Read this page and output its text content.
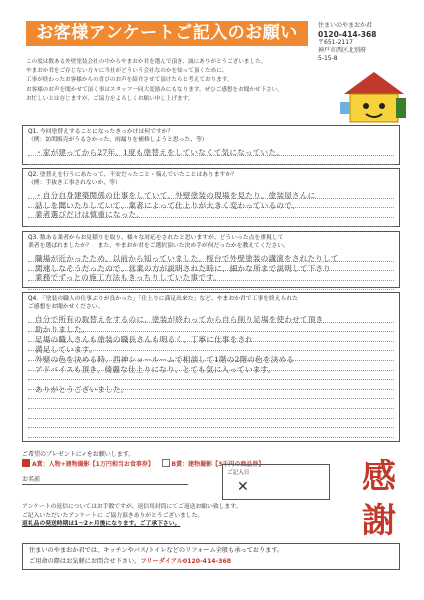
お客様アンケートご記入のお願い	住まいのやまおか君
0120-414-368
〒651-2117
神戸市西区北別府
5-15-8
この度は数ある外壁塗装会社の中からやまおか君を選んで頂き、誠にありがとうございました。
やまおか君をご存じない方々に当社がどういう会社なのかを知って頂くために、
工事が終わったお客様からの喜びのお声を紹介させて頂けたらと考えております。
お客様のお声を聞かせて頂く事はスタッフ一同大変励みにもなります。ぜひご感想をお聞かせ下さい。
お忙しいとは存じますが、ご協力をよろしくお願い申し上げます。
Q1. 今回塗替えすることになったきっかけは何ですか？
（例：訪問販売がうるさかった、雨漏りを補修しようと思った、等）
・家が建ってから27年、1度も塗替えをしていなくて気になっていた。
Q2. 塗替えを行うにあたって、不安だったこと・悩んでいたことはありますか？
（例：手抜き工事されないか、等）
・自分自身建築関係の仕事をしていて、外壁塗装の現場を見たり、塗装屋さんに
話しを聞いたりしていて、業者によって仕上りが大きく変わっているので、
業者選びだけは慎重になった。
Q3. 数ある業者からお見積りを取り、様々な対応をされたと思いますが、どういった点を重視して
業者を選ばれましたか？　また、やまおか君をご選択頂いた決め手が何だったかを教えてください。
職場が近かったため、以前から知っていました。桜台で外壁塗装の講演をされたりして
関連しなそうだったので、営業の方が説明された時に、細かな所まで説明して下さり
業務でずっとの施工方法もきっちりしていた事です。
Q4. 「塗装の職人の仕事ぶりが良かった」「仕上りに満足出来た」など、やまおか君で工事を終えられた
ご感想をお聞かせください。
自分で所有の取替えをするのに、塗装が終わってから自ら削り足場を使わせて頂き
助かりました。
足場の職人さんも塗装の職長さんも明るく、丁寧に仕事をされ
満足しています。
外壁の色を決める時、西神ショールームで相談して1階の2階の色を決める
アドバイスも頂き、綺麗な仕上りになり、とても気に入っています。
ありがとうございました。
ご希望のプレゼントに✓をお願いします。
A賞：人物+建物撮影【1万円相当お食事券】	B賞：建物撮影【3千円の商品券】
お名前
ご記入日
✕	感
謝
アンケートの返信についてはお手数ですが、返信用封筒にてご返送お願い致します。
ご記入いただいたアンケートに ご協力頂きありがとうございました。
返礼品の発送時期は1～2ヶ月後になります。ご了承下さい。
住まいのやまおか君では、キッチンやバス/トイレなどのリフォーム全般も承っております。
ご用命の際はお気軽にお問合せ下さい。フリーダイアル0120-414-368
